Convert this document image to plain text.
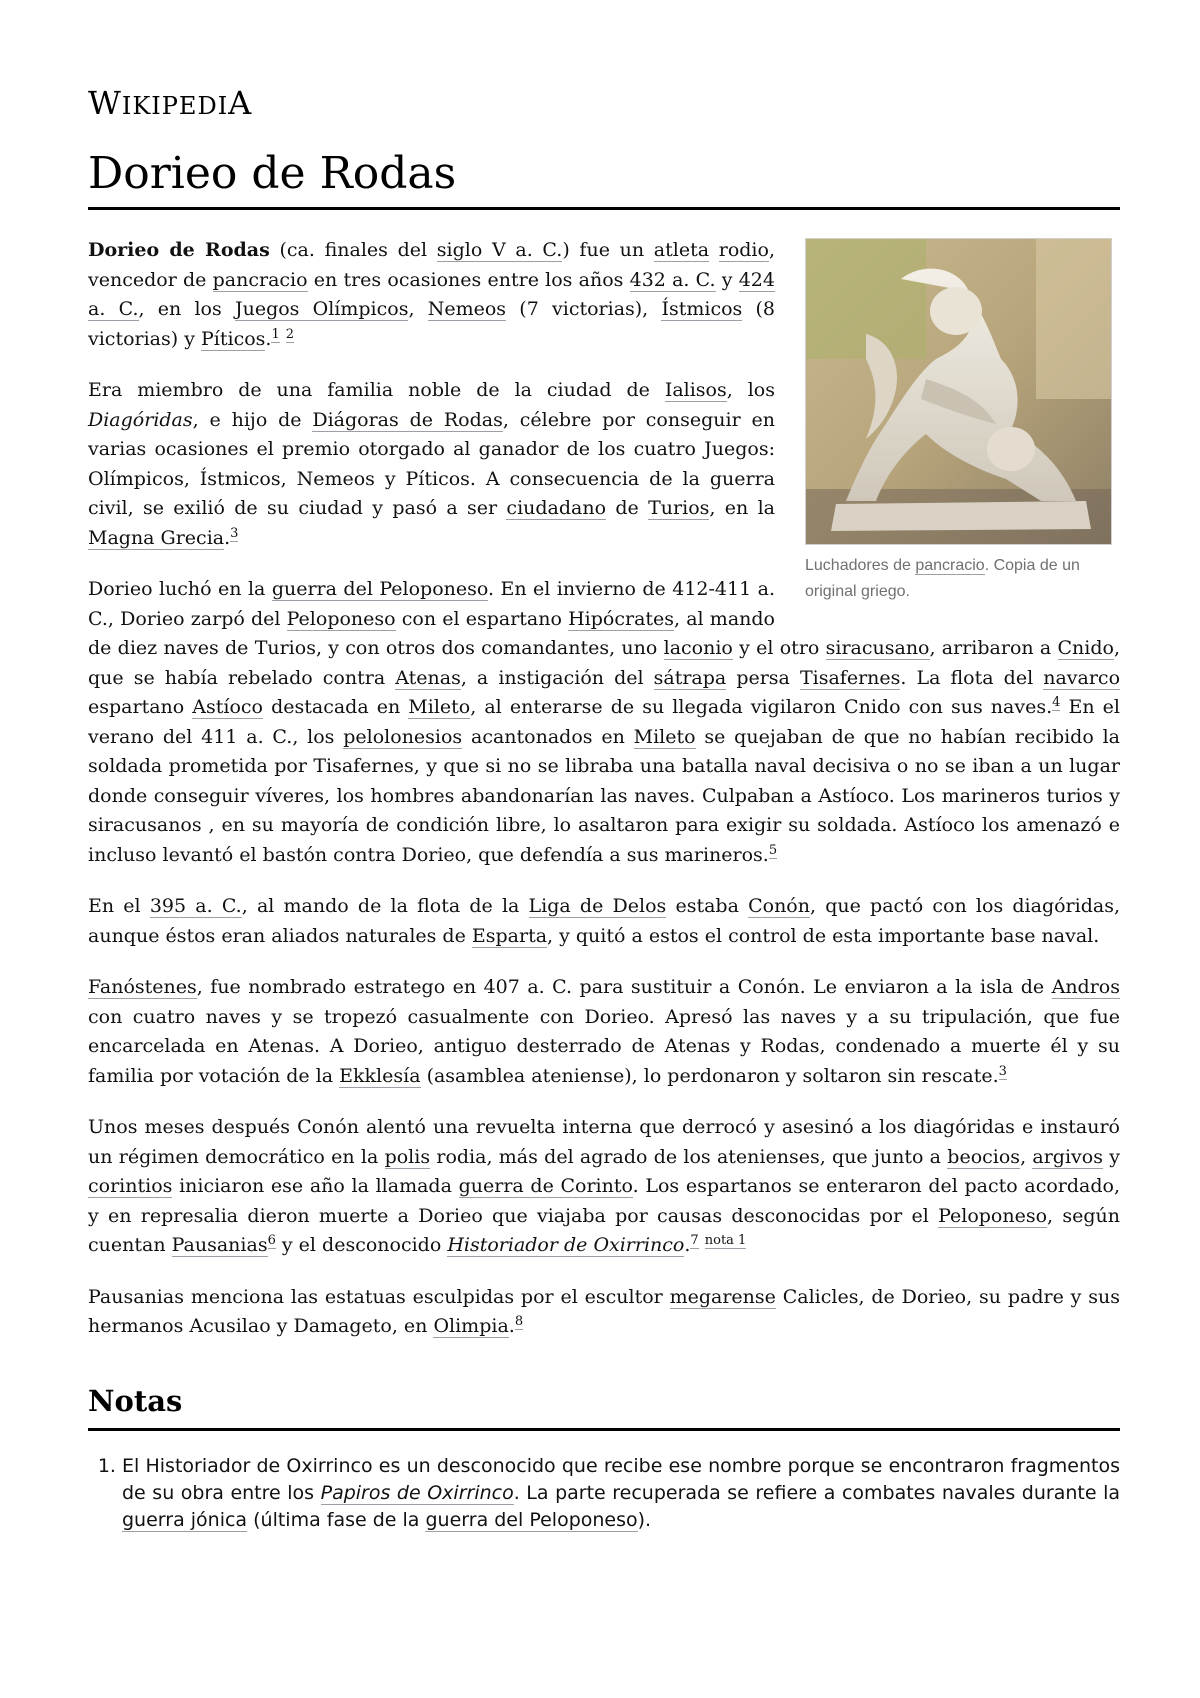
WIKIPEDIA
Dorieo de Rodas
Luchadores de pancracio. Copia de un original griego.

Dorieo de Rodas (ca. finales del siglo V a. C.) fue un atleta rodio, vencedor de pancracio en tres ocasiones entre los años 432 a. C. y 424 a. C., en los Juegos Olímpicos, Nemeos (7 victorias), Ístmicos (8 victorias) y Píticos.$^1$ $^2$

Era miembro de una familia noble de la ciudad de Ialisos, los Diagóridas, e hijo de Diágoras de Rodas, célebre por conseguir en varias ocasiones el premio otorgado al ganador de los cuatro Juegos: Olímpicos, Ístmicos, Nemeos y Píticos. A consecuencia de la guerra civil, se exilió de su ciudad y pasó a ser ciudadano de Turios, en la Magna Grecia.$^3$

Dorieo luchó en la guerra del Peloponeso. En el invierno de 412-411 a. C., Dorieo zarpó del Peloponeso con el espartano Hipócrates, al mando de diez naves de Turios, y con otros dos comandantes, uno laconio y el otro siracusano, arribaron a Cnido, que se había rebelado contra Atenas, a instigación del sátrapa persa Tisafernes. La flota del navarco espartano Astíoco destacada en Mileto, al enterarse de su llegada vigilaron Cnido con sus naves.$^4$ En el verano del 411 a. C., los pelolonesios acantonados en Mileto se quejaban de que no habían recibido la soldada prometida por Tisafernes, y que si no se libraba una batalla naval decisiva o no se iban a un lugar donde conseguir víveres, los hombres abandonarían las naves. Culpaban a Astíoco. Los marineros turios y siracusanos , en su mayoría de condición libre, lo asaltaron para exigir su soldada. Astíoco los amenazó e incluso levantó el bastón contra Dorieo, que defendía a sus marineros.$^5$

En el 395 a. C., al mando de la flota de la Liga de Delos estaba Conón, que pactó con los diagóridas, aunque éstos eran aliados naturales de Esparta, y quitó a estos el control de esta importante base naval.

Fanóstenes, fue nombrado estratego en 407 a. C. para sustituir a Conón. Le enviaron a la isla de Andros con cuatro naves y se tropezó casualmente con Dorieo. Apresó las naves y a su tripulación, que fue encarcelada en Atenas. A Dorieo, antiguo desterrado de Atenas y Rodas, condenado a muerte él y su familia por votación de la Ekklesía (asamblea ateniense), lo perdonaron y soltaron sin rescate.$^3$

Unos meses después Conón alentó una revuelta interna que derrocó y asesinó a los diagóridas e instauró un régimen democrático en la polis rodia, más del agrado de los atenienses, que junto a beocios, argivos y corintios iniciaron ese año la llamada guerra de Corinto. Los espartanos se enteraron del pacto acordado, y en represalia dieron muerte a Dorieo que viajaba por causas desconocidas por el Peloponeso, según cuentan Pausanias$^6$ y el desconocido Historiador de Oxirrinco.$^7$ $^{nota 1}$

Pausanias menciona las estatuas esculpidas por el escultor megarense Calicles, de Dorieo, su padre y sus hermanos Acusilao y Damageto, en Olimpia.$^8$

Notas
1. El Historiador de Oxirrinco es un desconocido que recibe ese nombre porque se encontraron fragmentos de su obra entre los Papiros de Oxirrinco. La parte recuperada se refiere a combates navales durante la guerra jónica (última fase de la guerra del Peloponeso).
